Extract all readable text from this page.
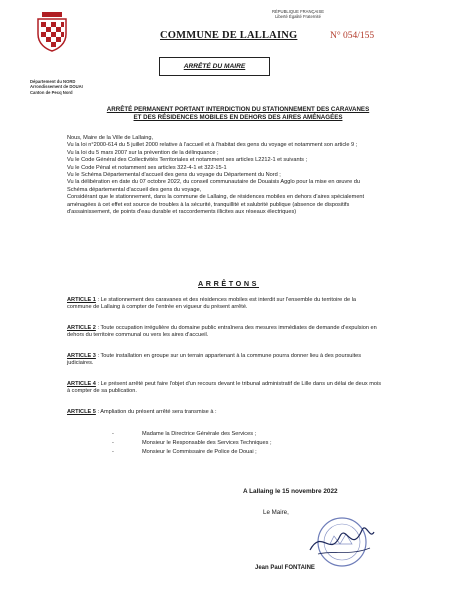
RÉPUBLIQUE FRANÇAISE
Liberté Égalité Fraternité
COMMUNE DE LALLAING	N° 054/155
ARRÊTÉ DU MAIRE
Département du NORD
Arrondissement de DOUAI
Canton de Pecq Nord
ARRÊTÉ PERMANENT PORTANT INTERDICTION DU STATIONNEMENT DES CARAVANES
ET DES RÉSIDENCES MOBILES EN DEHORS DES AIRES AMÉNAGÉES

Nous, Maire de la Ville de Lallaing,

Vu la loi n°2000-614 du 5 juillet 2000 relative à l'accueil et à l'habitat des gens du voyage et notamment son article 9 ;

Vu la loi du 5 mars 2007 sur la prévention de la délinquance ;

Vu le Code Général des Collectivités Territoriales et notamment ses articles L2212-1 et suivants ;

Vu le Code Pénal et notamment ses articles 322-4-1 et 322-15-1

Vu le Schéma Départemental d'accueil des gens du voyage du Département du Nord ;

Vu la délibération en date du 07 octobre 2022, du conseil communautaire de Douaisis Agglo pour la mise en œuvre du Schéma départemental d'accueil des gens du voyage,

Considérant que le stationnement, dans la commune de Lallaing, de résidences mobiles en dehors d'aires spécialement aménagées à cet effet est source de troubles à la sécurité, tranquillité et salubrité publique (absence de dispositifs d'assainissement, de points d'eau durable et raccordements illicites aux réseaux électriques)

ARRÊTONS

ARTICLE 1 : Le stationnement des caravanes et des résidences mobiles est interdit sur l'ensemble du territoire de la commune de Lallaing à compter de l'entrée en vigueur du présent arrêté.

ARTICLE 2 : Toute occupation irrégulière du domaine public entraînera des mesures immédiates de demande d'expulsion en dehors du territoire communal ou vers les aires d'accueil.

ARTICLE 3 : Toute installation en groupe sur un terrain appartenant à la commune pourra donner lieu à des poursuites judiciaires.

ARTICLE 4 : Le présent arrêté peut faire l'objet d'un recours devant le tribunal administratif de Lille dans un délai de deux mois à compter de sa publication.

ARTICLE 5 : Ampliation du présent arrêté sera transmise à :

- Madame la Directrice Générale des Services ;
- Monsieur le Responsable des Services Techniques ;
- Monsieur le Commissaire de Police de Douai ;
A Lallaing le 15 novembre 2022
Le Maire,
Jean Paul FONTAINE
